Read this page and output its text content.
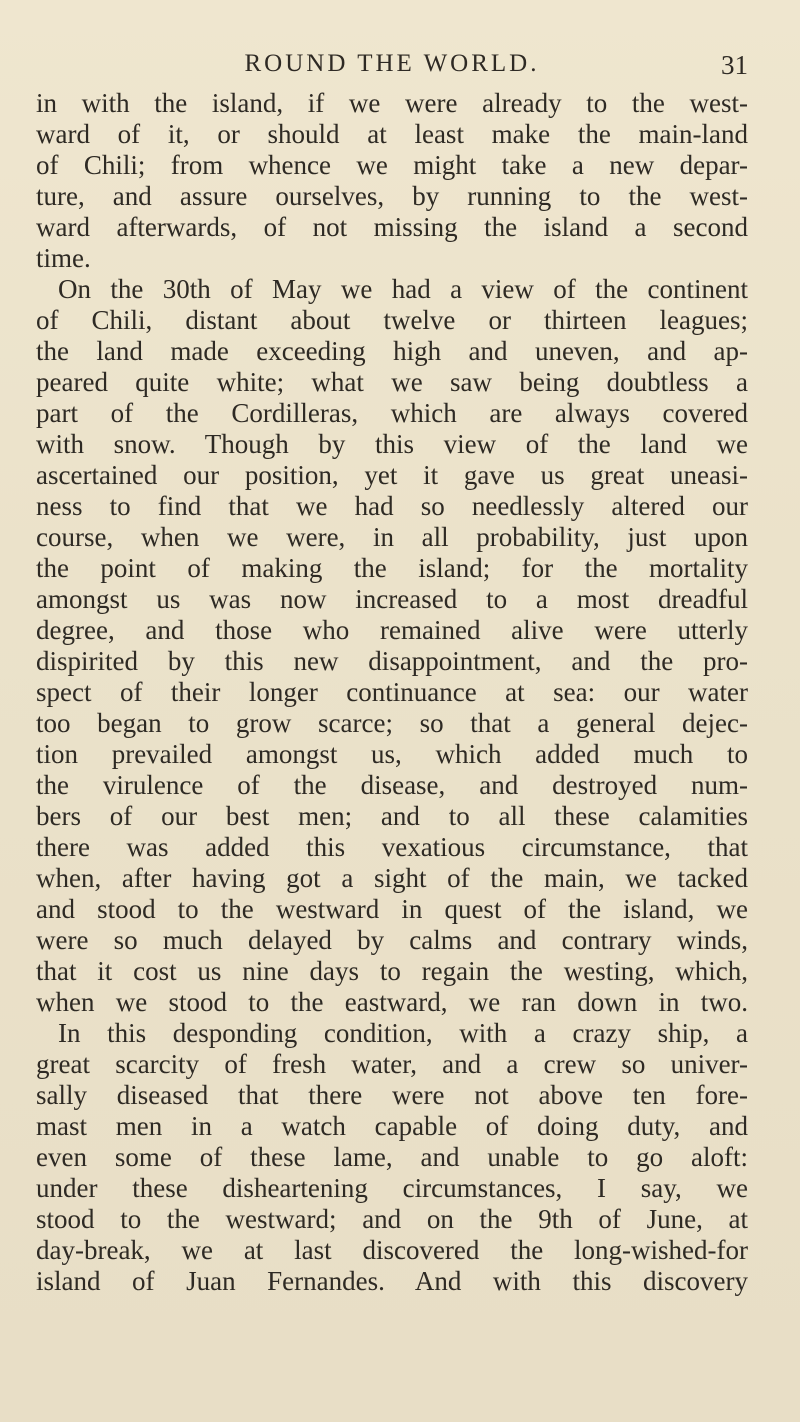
ROUND THE WORLD.	31
in with the island, if we were already to the west-
ward of it, or should at least make the main-land
of Chili; from whence we might take a new depar-
ture, and assure ourselves, by running to the west-
ward afterwards, of not missing the island a second
time.
On the 30th of May we had a view of the continent
of Chili, distant about twelve or thirteen leagues;
the land made exceeding high and uneven, and ap-
peared quite white; what we saw being doubtless a
part of the Cordilleras, which are always covered
with snow. Though by this view of the land we
ascertained our position, yet it gave us great uneasi-
ness to find that we had so needlessly altered our
course, when we were, in all probability, just upon
the point of making the island; for the mortality
amongst us was now increased to a most dreadful
degree, and those who remained alive were utterly
dispirited by this new disappointment, and the pro-
spect of their longer continuance at sea: our water
too began to grow scarce; so that a general dejec-
tion prevailed amongst us, which added much to
the virulence of the disease, and destroyed num-
bers of our best men; and to all these calamities
there was added this vexatious circumstance, that
when, after having got a sight of the main, we tacked
and stood to the westward in quest of the island, we
were so much delayed by calms and contrary winds,
that it cost us nine days to regain the westing, which,
when we stood to the eastward, we ran down in two.
In this desponding condition, with a crazy ship, a
great scarcity of fresh water, and a crew so univer-
sally diseased that there were not above ten fore-
mast men in a watch capable of doing duty, and
even some of these lame, and unable to go aloft:
under these disheartening circumstances, I say, we
stood to the westward; and on the 9th of June, at
day-break, we at last discovered the long-wished-for
island of Juan Fernandes. And with this discovery
